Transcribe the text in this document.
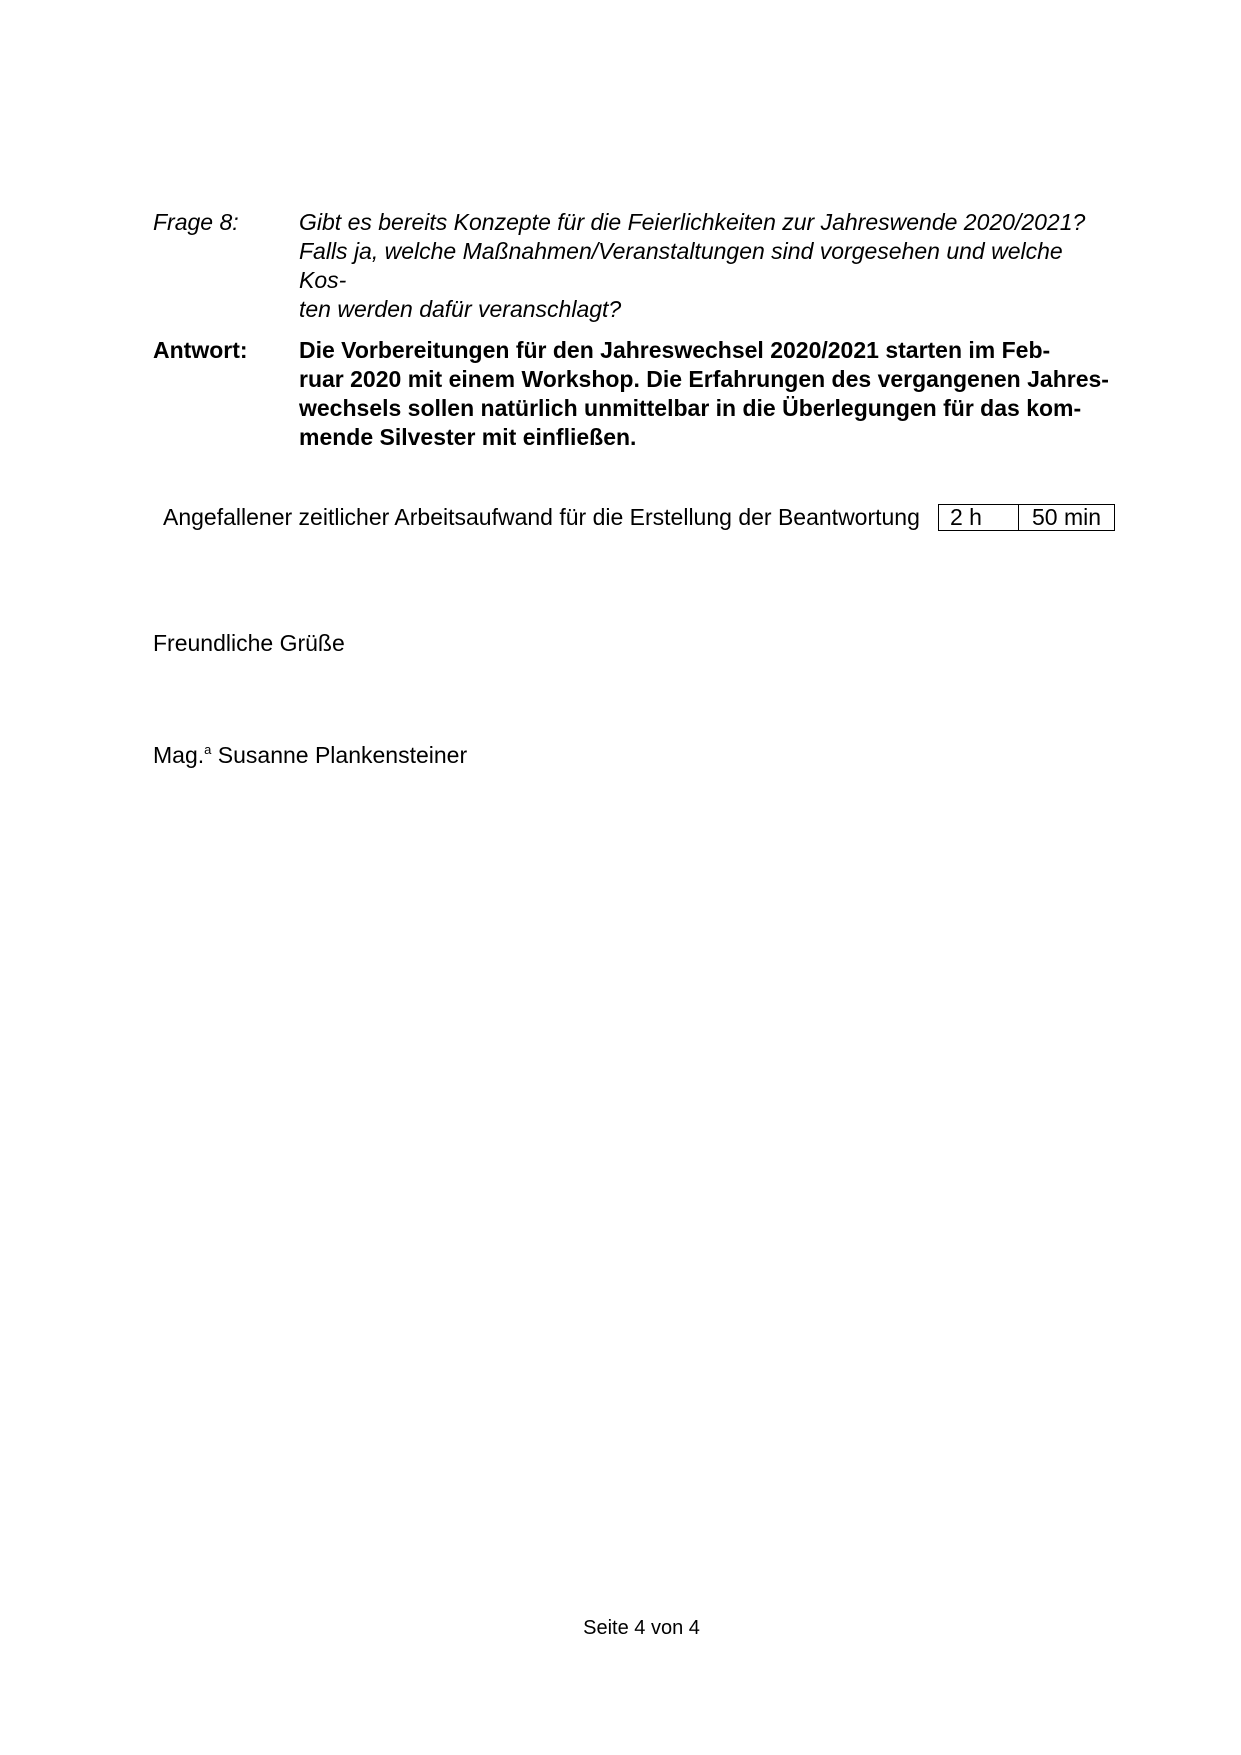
Frage 8:	Gibt es bereits Konzepte für die Feierlichkeiten zur Jahreswende 2020/2021?
Falls ja, welche Maßnahmen/Veranstaltungen sind vorgesehen und welche Kos-
ten werden dafür veranschlagt?
Antwort:	Die Vorbereitungen für den Jahreswechsel 2020/2021 starten im Feb-
ruar 2020 mit einem Workshop. Die Erfahrungen des vergangenen Jahres-
wechsels sollen natürlich unmittelbar in die Überlegungen für das kom-
mende Silvester mit einfließen.
Angefallener zeitlicher Arbeitsaufwand für die Erstellung der Beantwortung	2 h	50 min
Freundliche Grüße
Mag.$^a$ Susanne Plankensteiner
Seite 4 von 4
